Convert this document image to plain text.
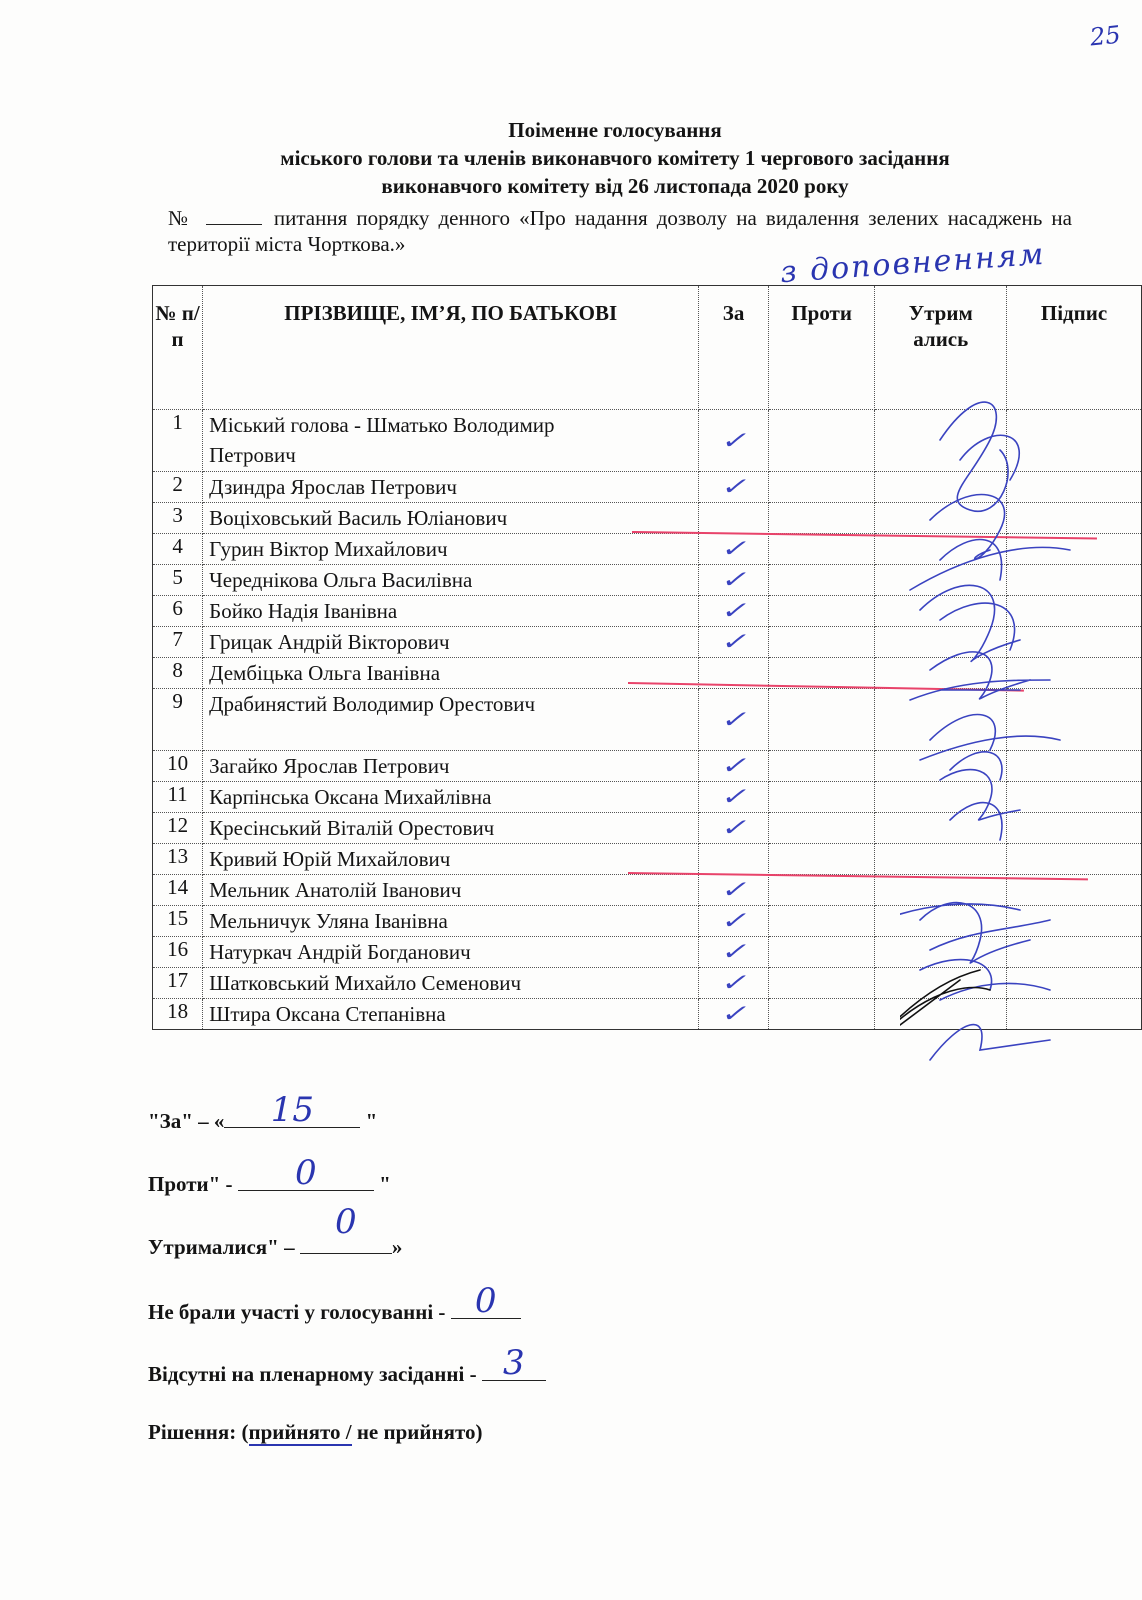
25
Поіменне голосування
міського голови та членів виконавчого комітету 1 чергового засідання
виконавчого комітету від 26 листопада 2020 року
№	питання порядку денного «Про надання дозволу на видалення зелених насаджень на території міста Чорткова.»	з доповненням
№ п/п	ПРІЗВИЩЕ, ІМ’Я, ПО БАТЬКОВІ	За	Проти	Утрим ались	Підпис
1	Міський голова - Шматько Володимир Петрович	✓			
2	Дзиндра Ярослав Петрович	✓			
3	Воціховський Василь Юліанович				
4	Гурин Віктор Михайлович	✓			
5	Череднікова Ольга Василівна	✓			
6	Бойко Надія Іванівна	✓			
7	Грицак Андрій Вікторович	✓			
8	Дембіцька Ольга Іванівна				
9	Драбинястий Володимир Орестович	✓			
10	Загайко Ярослав Петрович	✓			
11	Карпінська Оксана Михайлівна	✓			
12	Кресінський Віталій Орестович	✓			
13	Кривий Юрій Михайлович				
14	Мельник Анатолій Іванович	✓			
15	Мельничук Уляна Іванівна	✓			
16	Натуркач Андрій Богданович	✓			
17	Шатковський Михайло Семенович	✓			
18	Штира Оксана Степанівна	✓			
"За" – «	15	"
Проти" -	0	"
Утрималися" –
0
»
Не брали участі у голосуванні - 0
Відсутні на пленарному засіданні - 3
Рішення: (прийнято / не прийнято)
